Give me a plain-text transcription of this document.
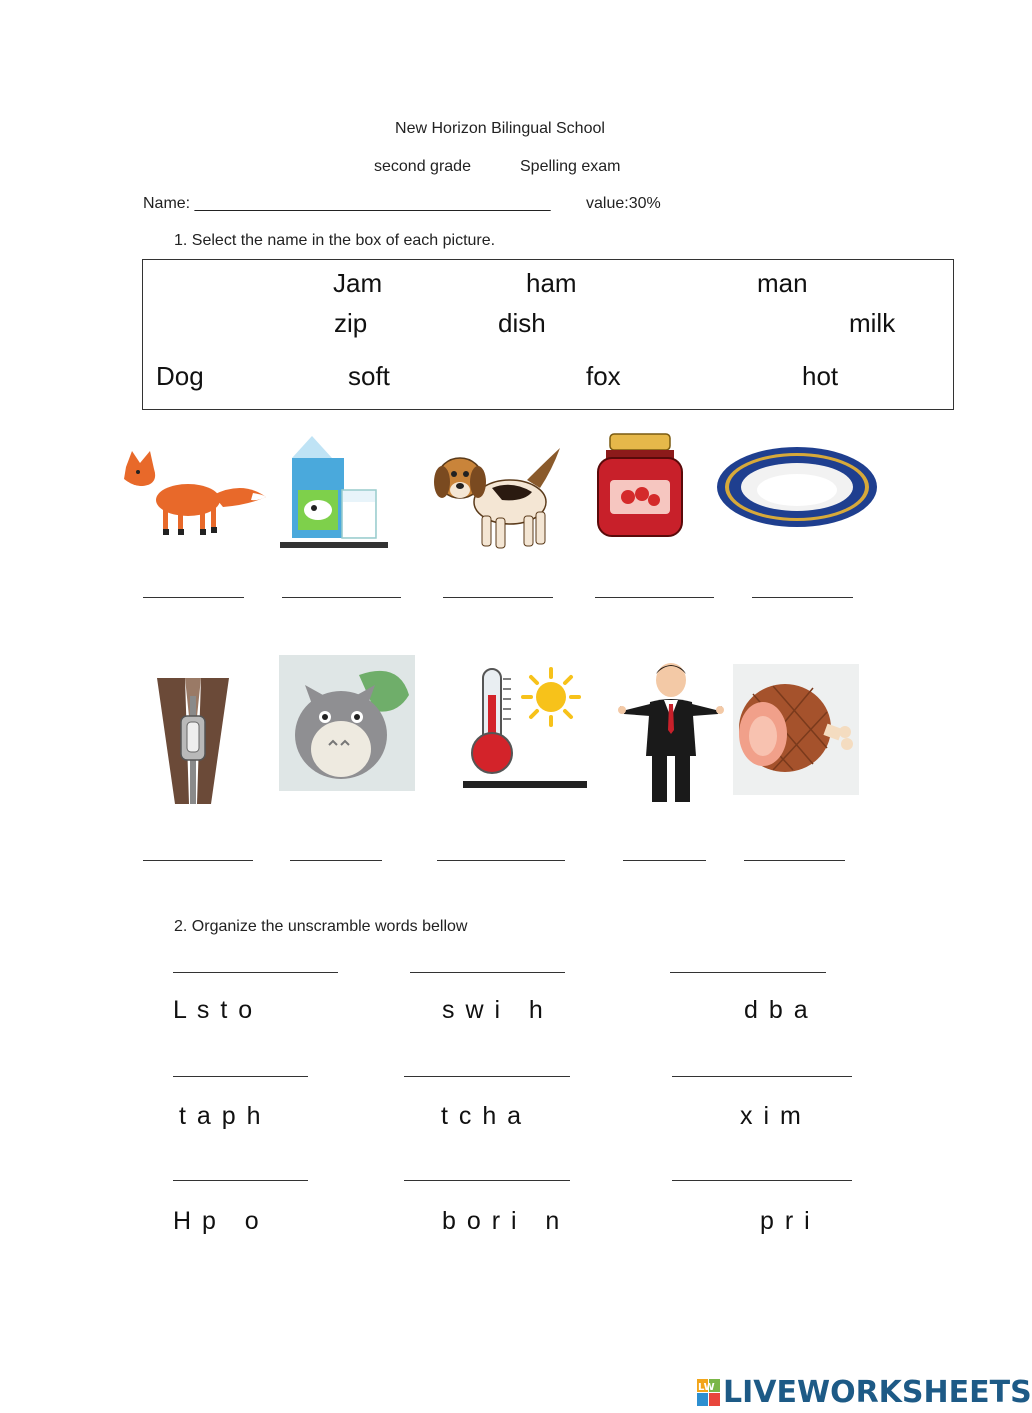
New Horizon Bilingual School
second grade	Spelling exam
Name: ________________________________________ value:30%
1. Select the name in the box of each picture.
Jam	ham	man
zip	dish	milk
Dog	soft	fox	hot
2. Organize the unscramble words bellow
L s t o	s w i   h	d b a
t a p h	t c h a	x i m
H p   o	b o r i   n	p r i
LW LIVEWORKSHEETS
